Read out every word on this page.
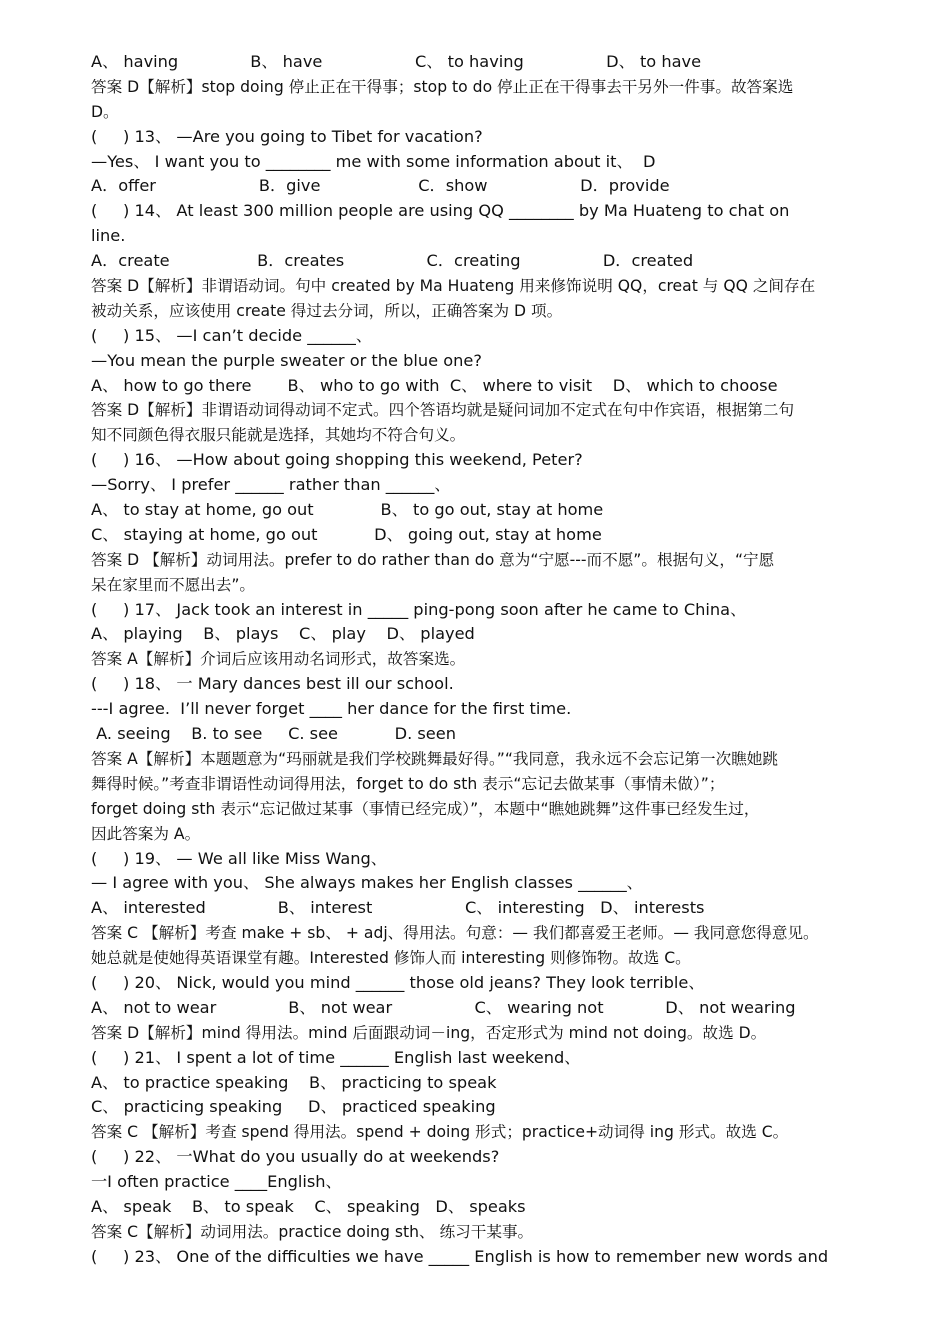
A、 having              B、 have                  C、 to having                D、 to have
答案 D【解析】stop doing 停止正在干得事；stop to do 停止正在干得事去干另外一件事。故答案选
D。
(     ) 13、 —Are you going to Tibet for vacation?
—Yes、 I want you to ________ me with some information about it、  D
A．offer                    B．give                   C．show                  D．provide
(     ) 14、 At least 300 million people are using QQ ________ by Ma Huateng to chat on
line.
A．create                 B．creates                C．creating                D．created
答案 D【解析】非谓语动词。句中 created by Ma Huateng 用来修饰说明 QQ，creat 与 QQ 之间存在
被动关系，应该使用 create 得过去分词，所以，正确答案为 D 项。
(     ) 15、 —I can’t decide ______、
—You mean the purple sweater or the blue one?
A、 how to go there       B、 who to go with  C、 where to visit    D、 which to choose
答案 D【解析】非谓语动词得动词不定式。四个答语均就是疑问词加不定式在句中作宾语，根据第二句
知不同颜色得衣服只能就是选择，其她均不符合句义。
(     ) 16、 —How about going shopping this weekend, Peter?
—Sorry、 I prefer ______ rather than ______、
A、 to stay at home, go out             B、 to go out, stay at home
C、 staying at home, go out           D、 going out, stay at home
答案 D 【解析】动词用法。prefer to do rather than do 意为“宁愿---而不愿”。根据句义，“宁愿
呆在家里而不愿出去”。
(     ) 17、 Jack took an interest in _____ ping-pong soon after he came to China、
A、 playing    B、 plays    C、 play    D、 played
答案 A【解析】介词后应该用动名词形式，故答案选。
(     ) 18、 一 Mary dances best ill our school.
---I agree.  I’ll never forget ____ her dance for the first time.
A. seeing    B. to see     C. see           D. seen
答案 A【解析】本题题意为“玛丽就是我们学校跳舞最好得。”“我同意，我永远不会忘记第一次瞧她跳
舞得时候。”考查非谓语性动词得用法，forget to do sth 表示“忘记去做某事（事情未做）”；
forget doing sth 表示“忘记做过某事（事情已经完成）”，本题中“瞧她跳舞”这件事已经发生过，
因此答案为 A。
(     ) 19、 — We all like Miss Wang、
— I agree with you、 She always makes her English classes ______、
A、 interested              B、 interest                  C、 interesting   D、 interests
答案 C 【解析】考查 make + sb、 + adj、得用法。句意：— 我们都喜爱王老师。— 我同意您得意见。
她总就是使她得英语课堂有趣。Interested 修饰人而 interesting 则修饰物。故选 C。
(     ) 20、 Nick, would you mind ______ those old jeans? They look terrible、
A、 not to wear              B、 not wear                C、 wearing not            D、 not wearing
答案 D【解析】mind 得用法。mind 后面跟动词－ing，否定形式为 mind not doing。故选 D。
(     ) 21、 I spent a lot of time ______ English last weekend、
A、 to practice speaking    B、 practicing to speak
C、 practicing speaking     D、 practiced speaking
答案 C 【解析】考查 spend 得用法。spend + doing 形式；practice+动词得 ing 形式。故选 C。
(     ) 22、 一What do you usually do at weekends?
一I often practice ____English、
A、 speak    B、 to speak    C、 speaking   D、 speaks
答案 C【解析】动词用法。practice doing sth、 练习干某事。
(     ) 23、 One of the difficulties we have _____ English is how to remember new words and
